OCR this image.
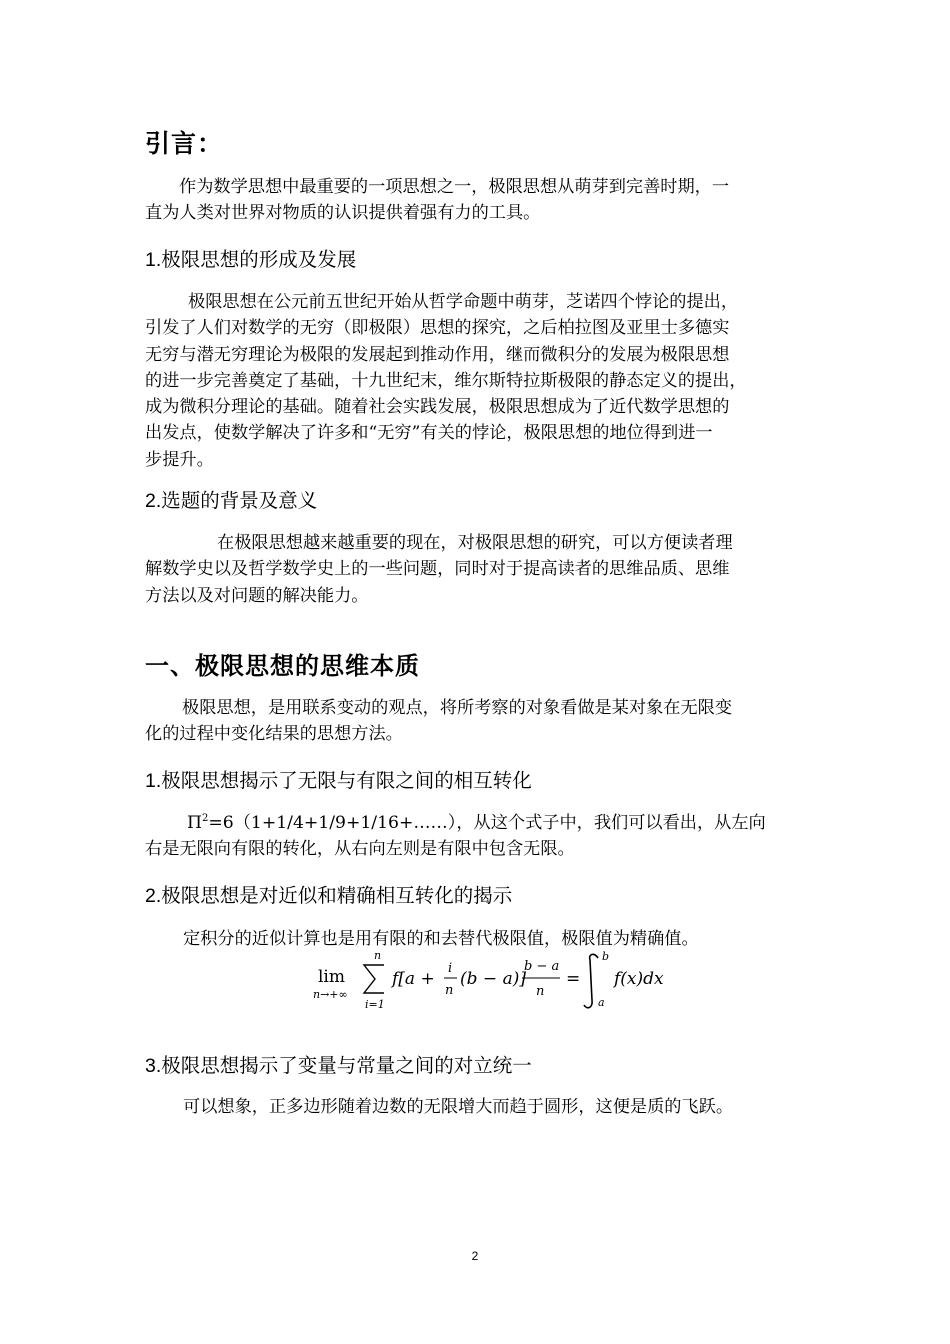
引言：
作为数学思想中最重要的一项思想之一，极限思想从萌芽到完善时期，一
直为人类对世界对物质的认识提供着强有力的工具。
1.极限思想的形成及发展
极限思想在公元前五世纪开始从哲学命题中萌芽，芝诺四个悖论的提出，
引发了人们对数学的无穷（即极限）思想的探究，之后柏拉图及亚里士多德实
无穷与潜无穷理论为极限的发展起到推动作用，继而微积分的发展为极限思想
的进一步完善奠定了基础，十九世纪末，维尔斯特拉斯极限的静态定义的提出，
成为微积分理论的基础。随着社会实践发展，极限思想成为了近代数学思想的
出发点，使数学解决了许多和“无穷”有关的悖论，极限思想的地位得到进一
步提升。
2.选题的背景及意义
在极限思想越来越重要的现在，对极限思想的研究，可以方便读者理
解数学史以及哲学数学史上的一些问题，同时对于提高读者的思维品质、思维
方法以及对问题的解决能力。
一、极限思想的思维本质
极限思想，是用联系变动的观点，将所考察的对象看做是某对象在无限变
化的过程中变化结果的思想方法。
1.极限思想揭示了无限与有限之间的相互转化
$\Pi^2=6(1+1/4+1/9+1/16+\dots\dots)$，从这个式子中，我们可以看出，从左向
右是无限向有限的转化，从右向左则是有限中包含无限。
2.极限思想是对近似和精确相互转化的揭示
定积分的近似计算也是用有限的和去替代极限值，极限值为精确值。
lim
n→+∞
n
i=1
f[a +
i
n
(b − a)]
b − a
n
=
b
a
f(x)dx
3.极限思想揭示了变量与常量之间的对立统一
可以想象，正多边形随着边数的无限增大而趋于圆形，这便是质的飞跃。
2
